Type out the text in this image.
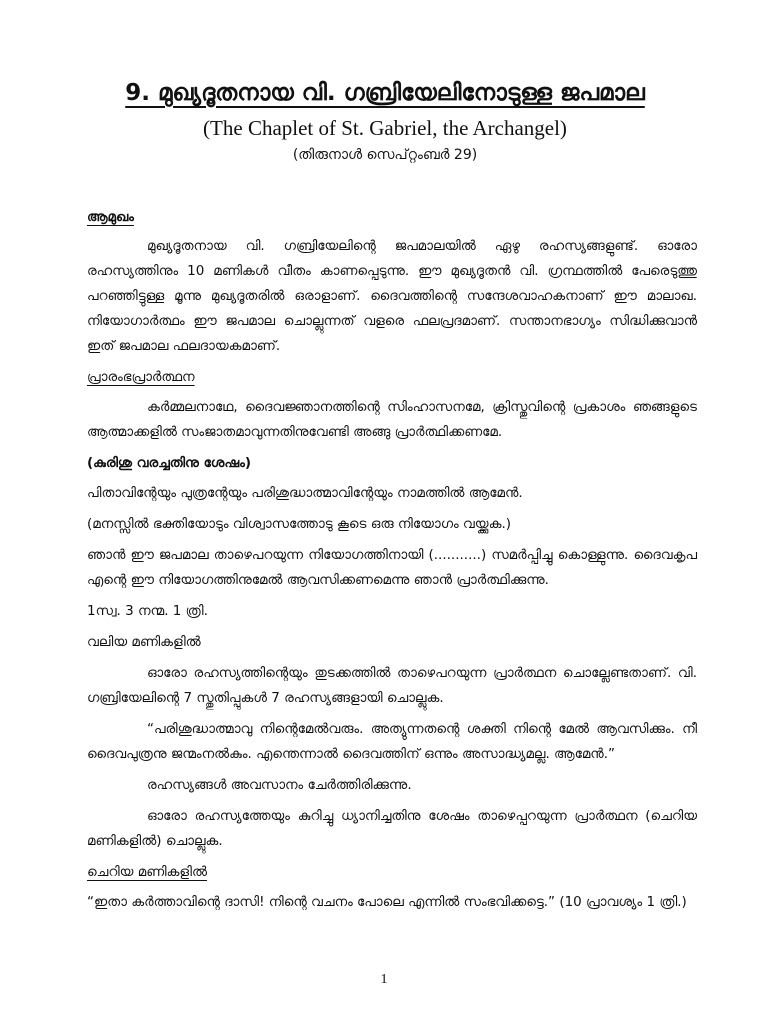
9. മുഖ്യദൂതനായ വി. ഗബ്രിയേലിനോടുള്ള ജപമാല
(The Chaplet of St. Gabriel, the Archangel)
(തിരുനാൾ സെപ്റ്റംബർ 29)
ആമുഖം
മുഖ്യദൂതനായ വി. ഗബ്രിയേലിന്റെ ജപമാലയിൽ ഏഴു രഹസ്യങ്ങളുണ്ട്. ഓരോ രഹസ്യത്തിനും 10 മണികൾ വീതം കാണപ്പെടുന്നു. ഈ മുഖ്യദൂതൻ വി. ഗ്രന്ഥത്തിൽ പേരെടുത്തു പറഞ്ഞിട്ടുള്ള മൂന്നു മുഖ്യദൂതരിൽ ഒരാളാണ്. ദൈവത്തിന്റെ സന്ദേശവാഹകനാണ് ഈ മാലാഖ. നിയോഗാർത്ഥം ഈ ജപമാല ചൊല്ലുന്നത് വളരെ ഫലപ്രദമാണ്. സന്താനഭാഗ്യം സിദ്ധിക്കുവാൻ ഇത് ജപമാല ഫലദായകമാണ്.
പ്രാരംഭപ്രാർത്ഥന
കർമ്മലനാഥേ, ദൈവജ്ഞാനത്തിന്റെ സിംഹാസനമേ, ക്രിസ്തുവിന്റെ പ്രകാശം ഞങ്ങളുടെ ആത്മാക്കളിൽ സംജാതമാവുന്നതിനുവേണ്ടി അങ്ങു പ്രാർത്ഥിക്കണമേ.
(കുരിശു വരച്ചതിനു ശേഷം)
പിതാവിന്റേയും പുത്രന്റേയും പരിശുദ്ധാത്മാവിന്റേയും നാമത്തിൽ ആമേൻ.
(മനസ്സിൽ ഭക്തിയോടും വിശ്വാസത്തോടു കൂടെ ഒരു നിയോഗം വയ്ക്കുക.)
ഞാൻ ഈ ജപമാല താഴെപറയുന്ന നിയോഗത്തിനായി (...........) സമർപ്പിച്ചു കൊള്ളുന്നു. ദൈവകൃപ എന്റെ ഈ നിയോഗത്തിനുമേൽ ആവസിക്കണമെന്നു ഞാൻ പ്രാർത്ഥിക്കുന്നു.
1സ്വ. 3 നന്മ. 1 ത്രി.
വലിയ മണികളിൽ
ഓരോ രഹസ്യത്തിന്റെയും തുടക്കത്തിൽ താഴെപറയുന്ന പ്രാർത്ഥന ചൊല്ലേണ്ടതാണ്. വി. ഗബ്രിയേലിന്റെ 7 സ്തുതിപ്പുകൾ 7 രഹസ്യങ്ങളായി ചൊല്ലുക.
“പരിശുദ്ധാത്മാവു നിന്റെമേൽവരും. അത്യുന്നതന്റെ ശക്തി നിന്റെ മേൽ ആവസിക്കും. നീ ദൈവപുത്രനു ജന്മംനൽകും. എന്തെന്നാൽ ദൈവത്തിന് ഒന്നും അസാദ്ധ്യമല്ല. ആമേൻ.”
രഹസ്യങ്ങൾ അവസാനം ചേർത്തിരിക്കുന്നു.
ഓരോ രഹസ്യത്തേയും കുറിച്ചു ധ്യാനിച്ചതിനു ശേഷം താഴെപ്പറയുന്ന പ്രാർത്ഥന (ചെറിയ മണികളിൽ) ചൊല്ലുക.
ചെറിയ മണികളിൽ
“ഇതാ കർത്താവിന്റെ ദാസി! നിന്റെ വചനം പോലെ എന്നിൽ സംഭവിക്കട്ടെ.” (10 പ്രാവശ്യം 1 ത്രി.)
1
